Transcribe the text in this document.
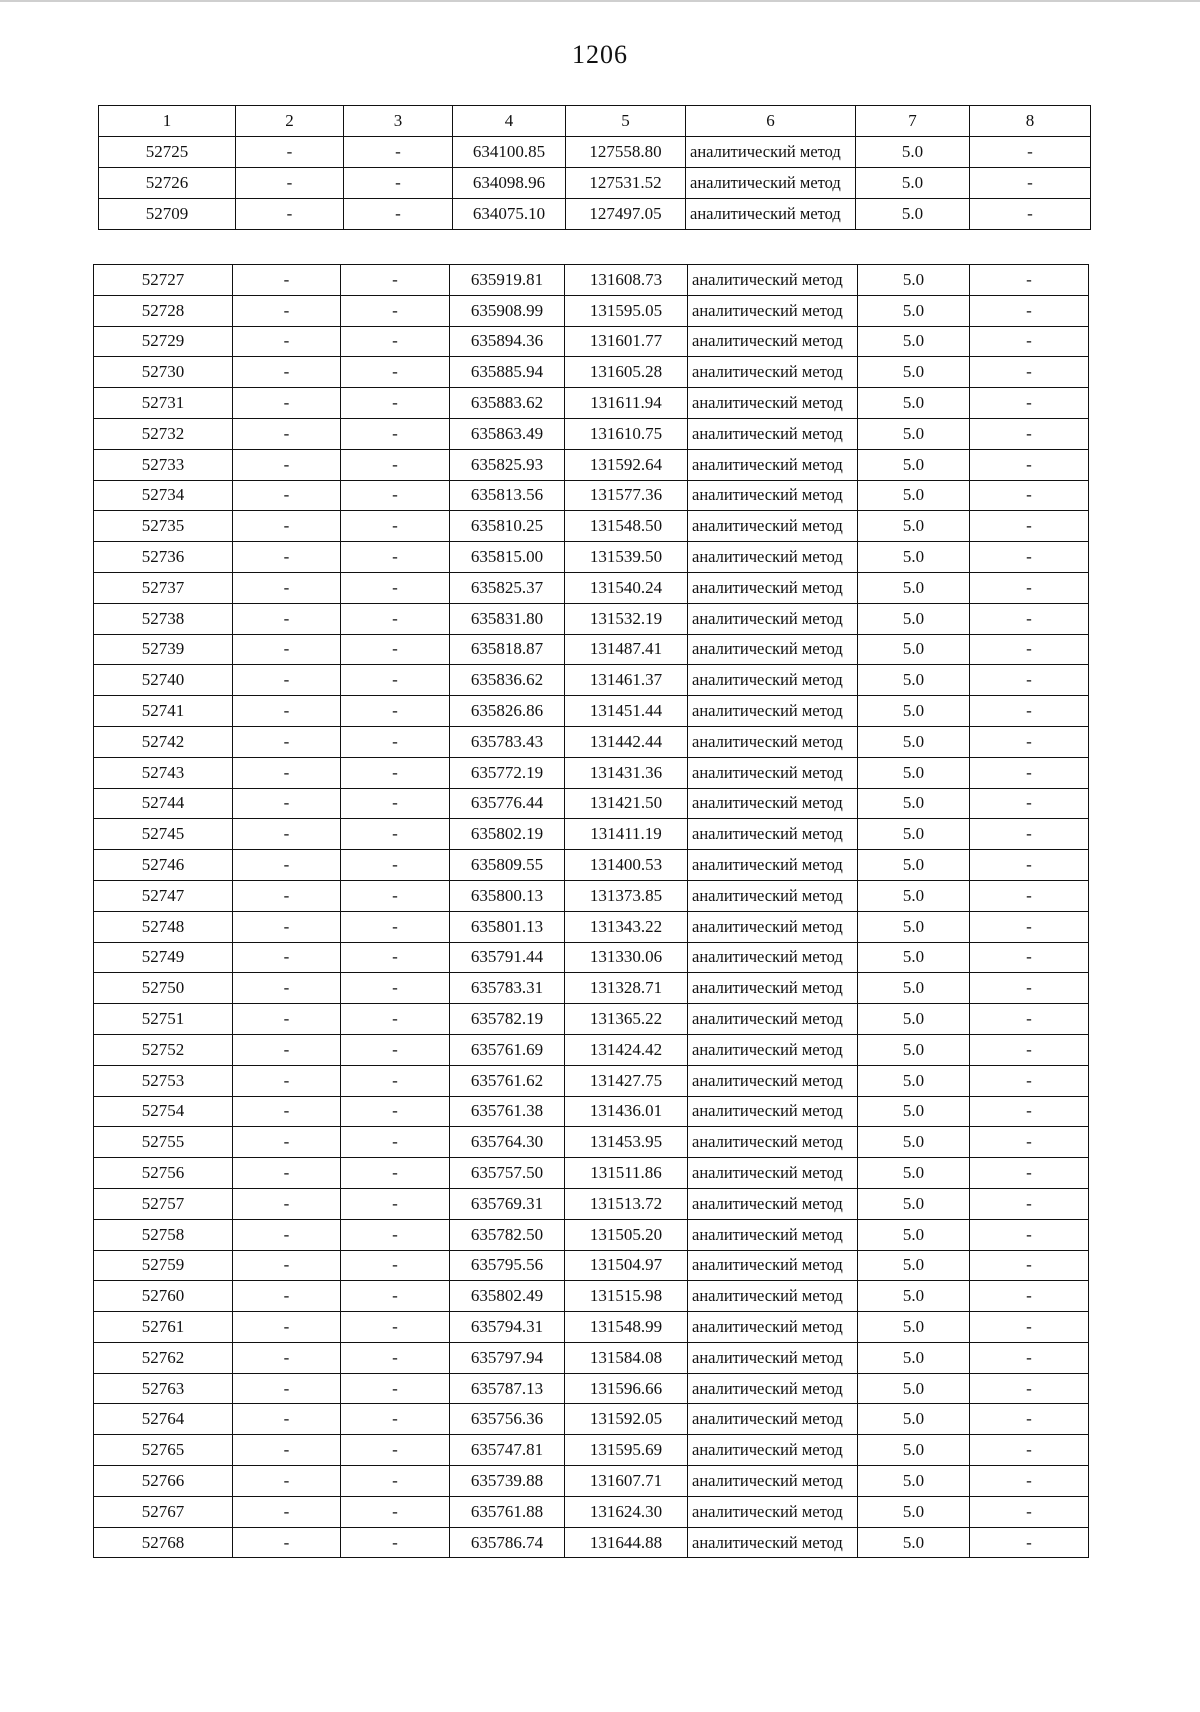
1206
1	2	3	4	5	6	7	8
52725	-	-	634100.85	127558.80	аналитический метод	5.0	-
52726	-	-	634098.96	127531.52	аналитический метод	5.0	-
52709	-	-	634075.10	127497.05	аналитический метод	5.0	-
52727	-	-	635919.81	131608.73	аналитический метод	5.0	-
52728	-	-	635908.99	131595.05	аналитический метод	5.0	-
52729	-	-	635894.36	131601.77	аналитический метод	5.0	-
52730	-	-	635885.94	131605.28	аналитический метод	5.0	-
52731	-	-	635883.62	131611.94	аналитический метод	5.0	-
52732	-	-	635863.49	131610.75	аналитический метод	5.0	-
52733	-	-	635825.93	131592.64	аналитический метод	5.0	-
52734	-	-	635813.56	131577.36	аналитический метод	5.0	-
52735	-	-	635810.25	131548.50	аналитический метод	5.0	-
52736	-	-	635815.00	131539.50	аналитический метод	5.0	-
52737	-	-	635825.37	131540.24	аналитический метод	5.0	-
52738	-	-	635831.80	131532.19	аналитический метод	5.0	-
52739	-	-	635818.87	131487.41	аналитический метод	5.0	-
52740	-	-	635836.62	131461.37	аналитический метод	5.0	-
52741	-	-	635826.86	131451.44	аналитический метод	5.0	-
52742	-	-	635783.43	131442.44	аналитический метод	5.0	-
52743	-	-	635772.19	131431.36	аналитический метод	5.0	-
52744	-	-	635776.44	131421.50	аналитический метод	5.0	-
52745	-	-	635802.19	131411.19	аналитический метод	5.0	-
52746	-	-	635809.55	131400.53	аналитический метод	5.0	-
52747	-	-	635800.13	131373.85	аналитический метод	5.0	-
52748	-	-	635801.13	131343.22	аналитический метод	5.0	-
52749	-	-	635791.44	131330.06	аналитический метод	5.0	-
52750	-	-	635783.31	131328.71	аналитический метод	5.0	-
52751	-	-	635782.19	131365.22	аналитический метод	5.0	-
52752	-	-	635761.69	131424.42	аналитический метод	5.0	-
52753	-	-	635761.62	131427.75	аналитический метод	5.0	-
52754	-	-	635761.38	131436.01	аналитический метод	5.0	-
52755	-	-	635764.30	131453.95	аналитический метод	5.0	-
52756	-	-	635757.50	131511.86	аналитический метод	5.0	-
52757	-	-	635769.31	131513.72	аналитический метод	5.0	-
52758	-	-	635782.50	131505.20	аналитический метод	5.0	-
52759	-	-	635795.56	131504.97	аналитический метод	5.0	-
52760	-	-	635802.49	131515.98	аналитический метод	5.0	-
52761	-	-	635794.31	131548.99	аналитический метод	5.0	-
52762	-	-	635797.94	131584.08	аналитический метод	5.0	-
52763	-	-	635787.13	131596.66	аналитический метод	5.0	-
52764	-	-	635756.36	131592.05	аналитический метод	5.0	-
52765	-	-	635747.81	131595.69	аналитический метод	5.0	-
52766	-	-	635739.88	131607.71	аналитический метод	5.0	-
52767	-	-	635761.88	131624.30	аналитический метод	5.0	-
52768	-	-	635786.74	131644.88	аналитический метод	5.0	-
